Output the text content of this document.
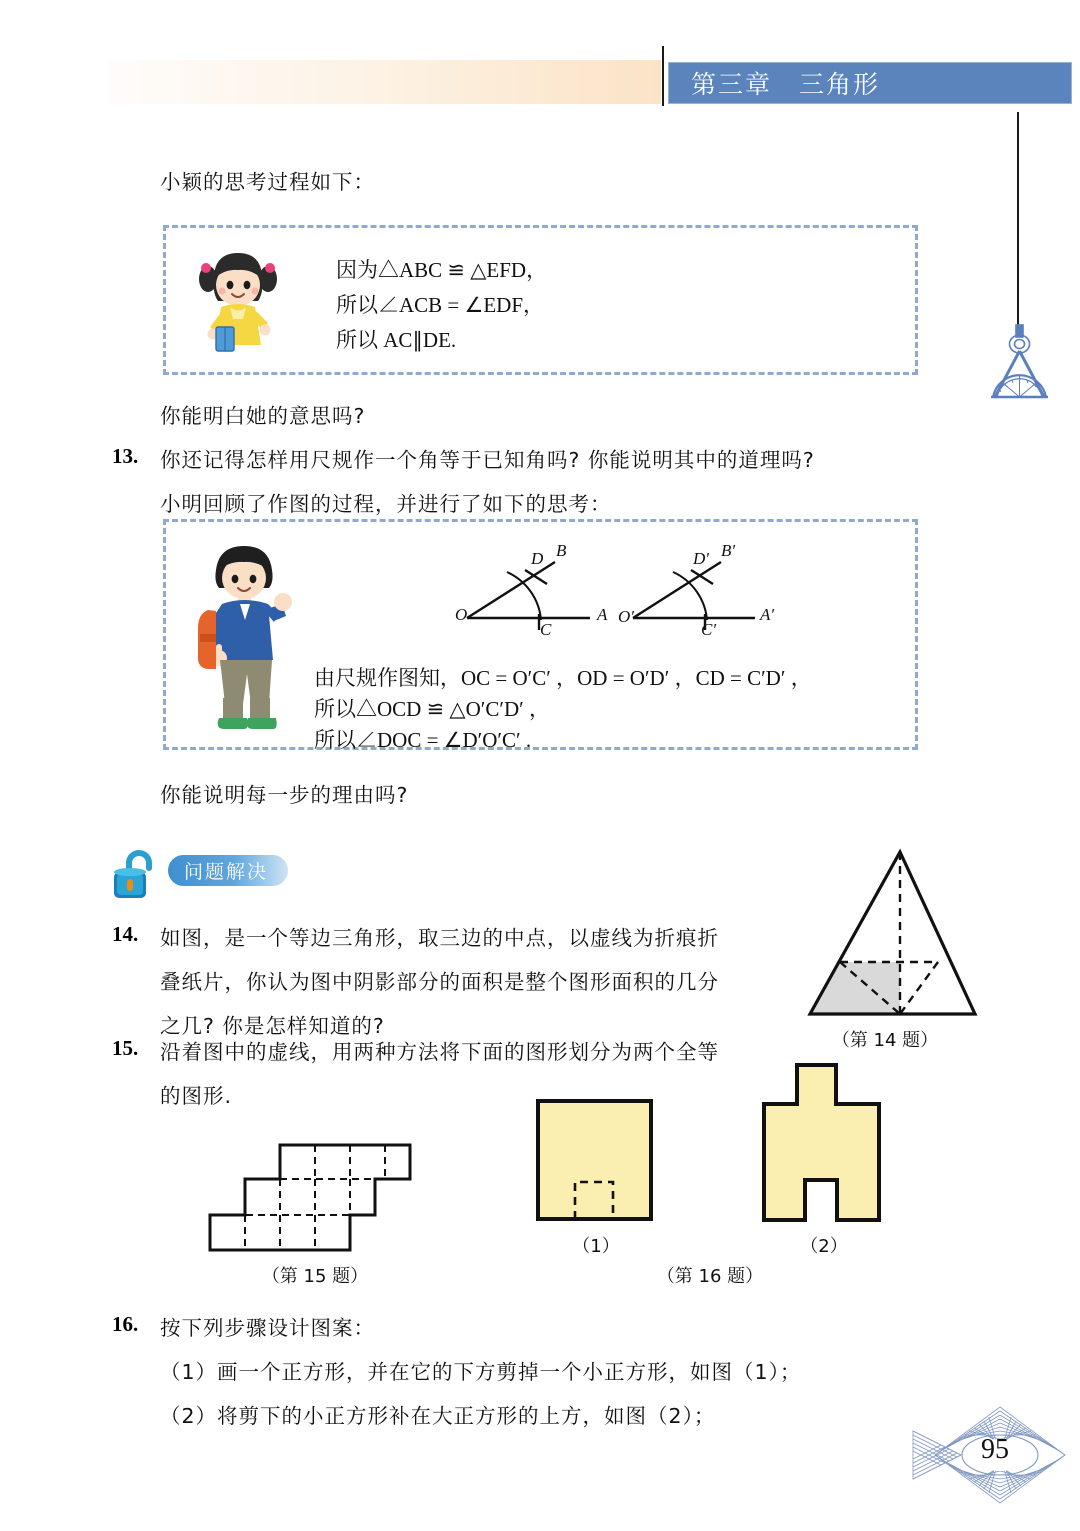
第三章　三角形
小颖的思考过程如下：
因为△ABC ≌ △EFD，
所以∠ACB = ∠EDF，
所以 AC∥DE.
你能明白她的意思吗?
13. 你还记得怎样用尺规作一个角等于已知角吗? 你能说明其中的道理吗?
小明回顾了作图的过程，并进行了如下的思考：
O	A
B
C
D
O′	A′
B′
C′
D′
由尺规作图知，OC = O′C′ ，OD = O′D′ ，CD = C′D′ ，
所以△OCD ≌ △O′C′D′ ，
所以∠DOC = ∠D′O′C′ .
你能说明每一步的理由吗?
问题解决
14. 如图，是一个等边三角形，取三边的中点，以虚线为折痕折
叠纸片，你认为图中阴影部分的面积是整个图形面积的几分
之几? 你是怎样知道的?
（第 14 题）
15. 沿着图中的虚线，用两种方法将下面的图形划分为两个全等
的图形.
（第 15 题）
（1）	（2）
（第 16 题）
16. 按下列步骤设计图案：
（1）画一个正方形，并在它的下方剪掉一个小正方形，如图（1）；
（2）将剪下的小正方形补在大正方形的上方，如图（2）；
95
